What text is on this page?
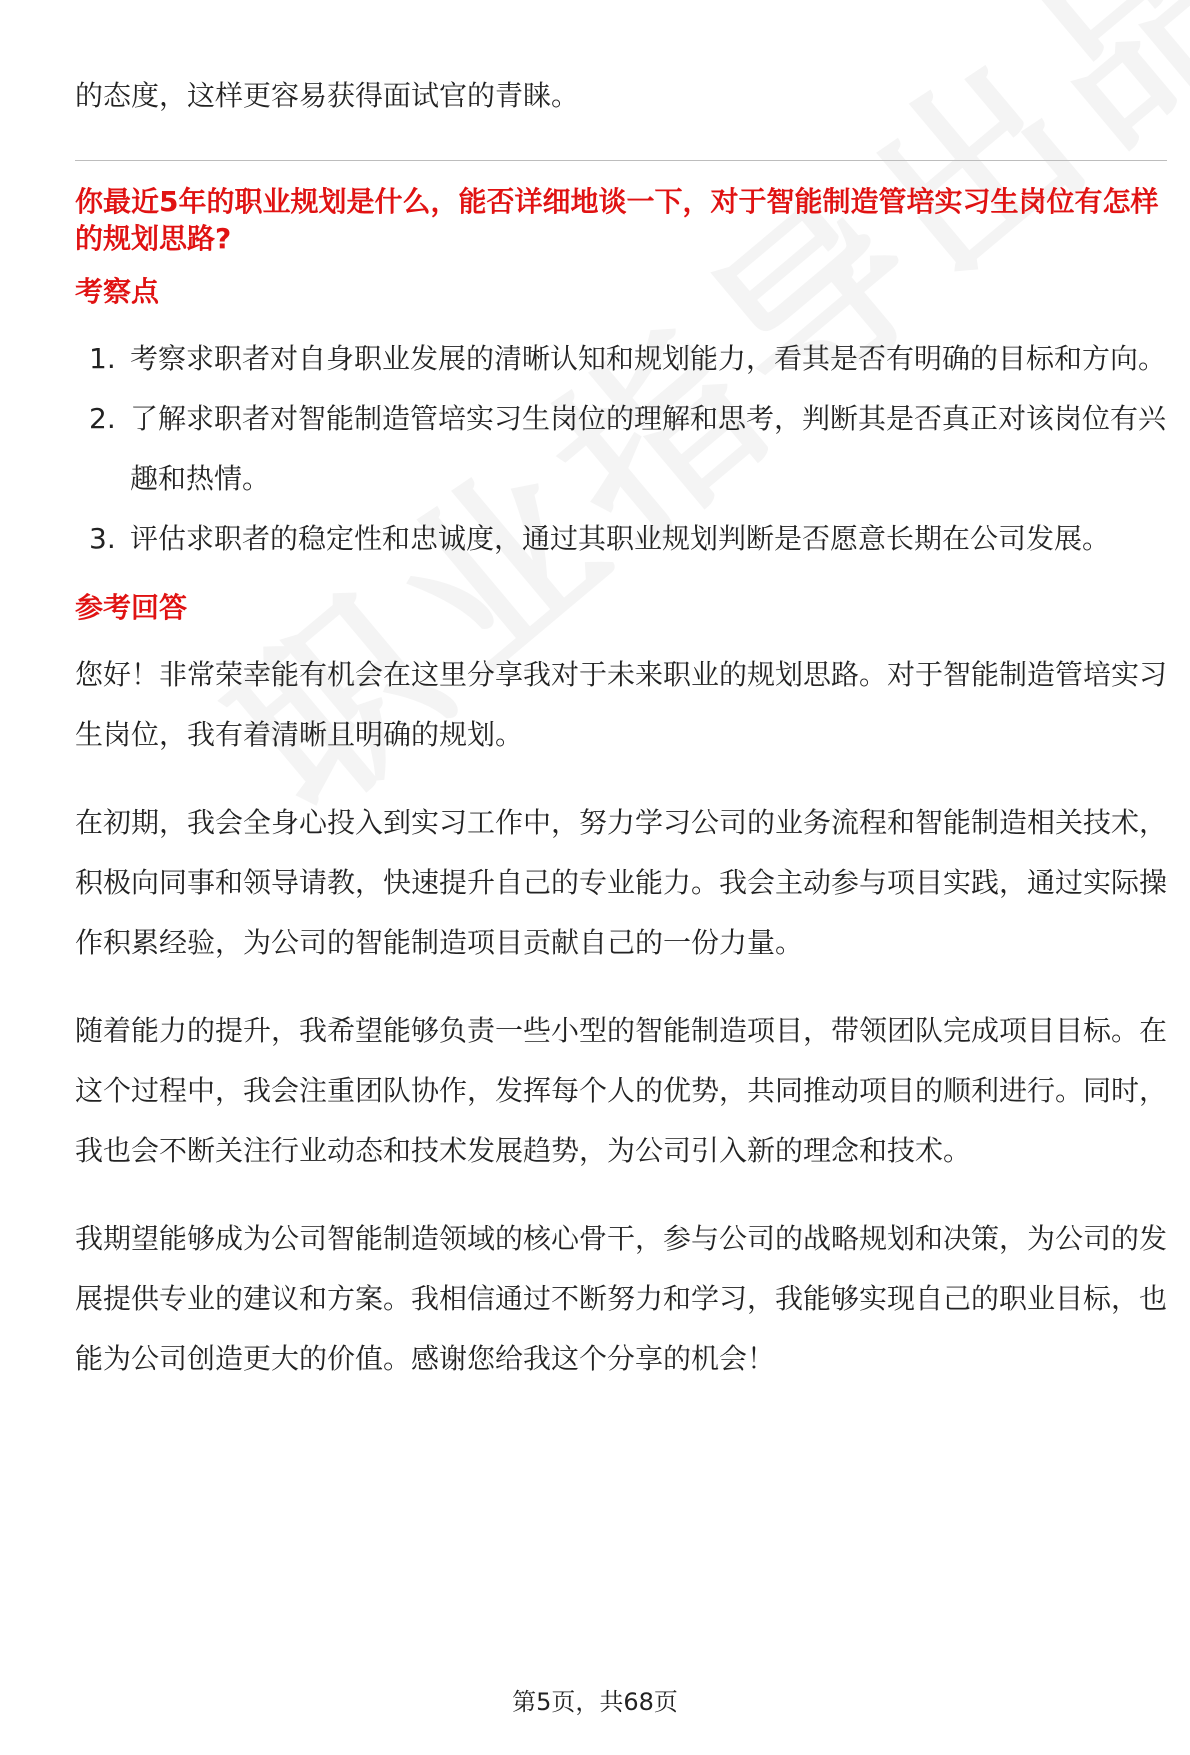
的态度，这样更容易获得面试官的青睐。

你最近5年的职业规划是什么，能否详细地谈一下，对于智能制造管培实习生岗位有怎样的规划思路?
考察点
1. 考察求职者对自身职业发展的清晰认知和规划能力，看其是否有明确的目标和方向。
2. 了解求职者对智能制造管培实习生岗位的理解和思考，判断其是否真正对该岗位有兴趣和热情。
3. 评估求职者的稳定性和忠诚度，通过其职业规划判断是否愿意长期在公司发展。
参考回答

您好！非常荣幸能有机会在这里分享我对于未来职业的规划思路。对于智能制造管培实习生岗位，我有着清晰且明确的规划。

在初期，我会全身心投入到实习工作中，努力学习公司的业务流程和智能制造相关技术，积极向同事和领导请教，快速提升自己的专业能力。我会主动参与项目实践，通过实际操作积累经验，为公司的智能制造项目贡献自己的一份力量。

随着能力的提升，我希望能够负责一些小型的智能制造项目，带领团队完成项目目标。在这个过程中，我会注重团队协作，发挥每个人的优势，共同推动项目的顺利进行。同时，我也会不断关注行业动态和技术发展趋势，为公司引入新的理念和技术。

我期望能够成为公司智能制造领域的核心骨干，参与公司的战略规划和决策，为公司的发展提供专业的建议和方案。我相信通过不断努力和学习，我能够实现自己的职业目标，也能为公司创造更大的价值。感谢您给我这个分享的机会！

第5页，共68页
